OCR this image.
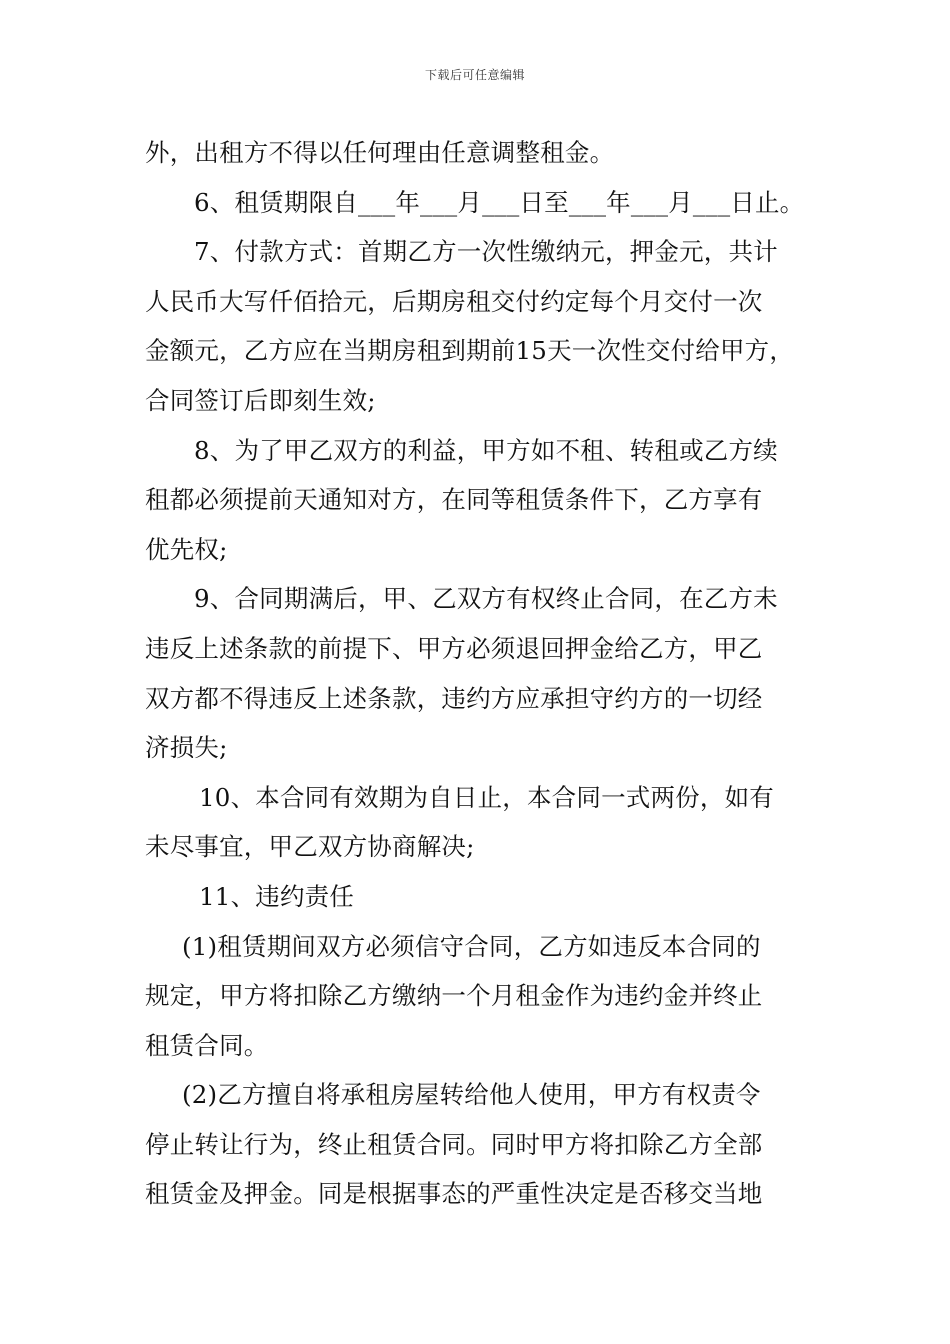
下载后可任意编辑
外，出租方不得以任何理由任意调整租金。
6、租赁期限自___年___月___日至___年___月___日止。
7、付款方式：首期乙方一次性缴纳元，押金元，共计
人民币大写仟佰拾元，后期房租交付约定每个月交付一次
金额元，乙方应在当期房租到期前15天一次性交付给甲方，
合同签订后即刻生效;
8、为了甲乙双方的利益，甲方如不租、转租或乙方续
租都必须提前天通知对方，在同等租赁条件下，乙方享有
优先权;
9、合同期满后，甲、乙双方有权终止合同，在乙方未
违反上述条款的前提下、甲方必须退回押金给乙方，甲乙
双方都不得违反上述条款，违约方应承担守约方的一切经
济损失;
10、本合同有效期为自日止，本合同一式两份，如有
未尽事宜，甲乙双方协商解决;
11、违约责任
(1)租赁期间双方必须信守合同，乙方如违反本合同的
规定，甲方将扣除乙方缴纳一个月租金作为违约金并终止
租赁合同。
(2)乙方擅自将承租房屋转给他人使用，甲方有权责令
停止转让行为，终止租赁合同。同时甲方将扣除乙方全部
租赁金及押金。同是根据事态的严重性决定是否移交当地
